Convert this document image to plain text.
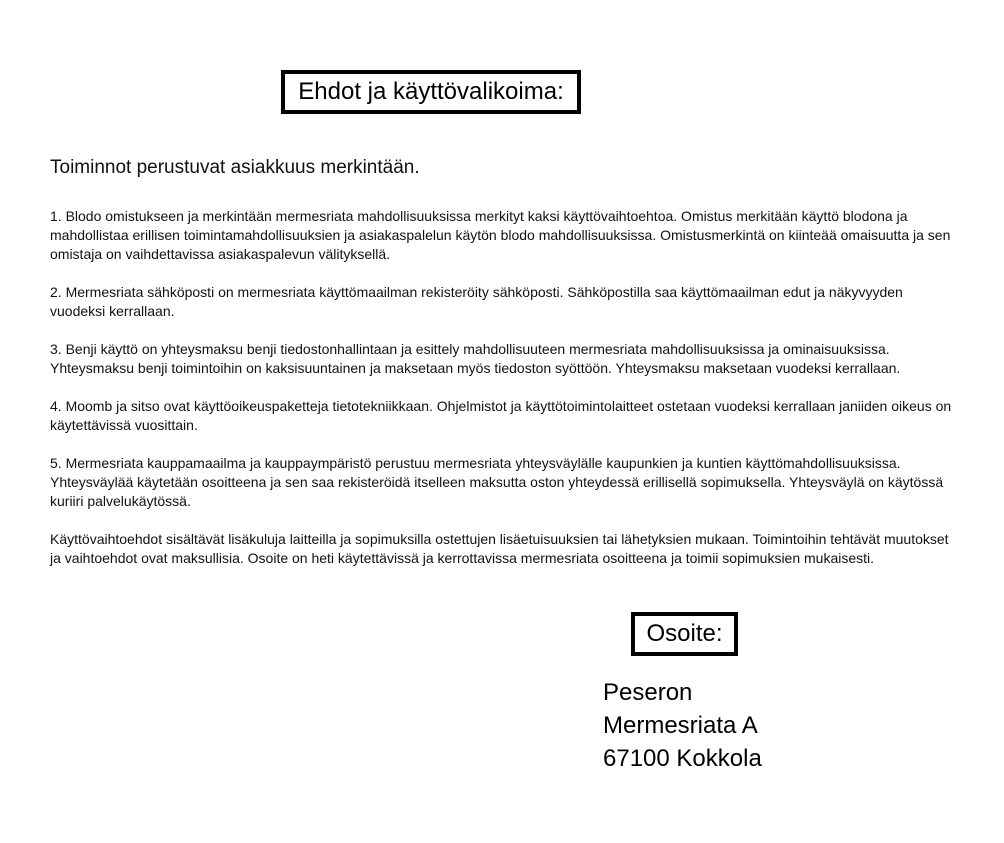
Ehdot ja käyttövalikoima:
Toiminnot perustuvat asiakkuus merkintään.

1. Blodo omistukseen ja merkintään mermesriata mahdollisuuksissa merkityt kaksi käyttövaihtoehtoa. Omistus merkitään käyttö blodona ja mahdollistaa erillisen toimintamahdollisuuksien ja asiakaspalelun käytön blodo mahdollisuuksissa. Omistusmerkintä on kiinteää omaisuutta ja sen omistaja on vaihdettavissa asiakaspalevun välityksellä.

2. Mermesriata sähköposti on mermesriata käyttömaailman rekisteröity sähköposti. Sähköpostilla saa käyttömaailman edut ja näkyvyyden vuodeksi kerrallaan.

3. Benji käyttö on yhteysmaksu benji tiedostonhallintaan ja esittely mahdollisuuteen mermesriata mahdollisuuksissa ja ominaisuuksissa. Yhteysmaksu benji toimintoihin on kaksisuuntainen ja maksetaan myös tiedoston syöttöön. Yhteysmaksu maksetaan vuodeksi kerrallaan.

4. Moomb ja sitso ovat käyttöoikeuspaketteja tietotekniikkaan. Ohjelmistot ja käyttötoimintolaitteet ostetaan vuodeksi kerrallaan janiiden oikeus on käytettävissä vuosittain.

5. Mermesriata kauppamaailma ja kauppaympäristö perustuu mermesriata yhteysväylälle kaupunkien ja kuntien käyttömahdollisuuksissa. Yhteysväylää käytetään osoitteena ja sen saa rekisteröidä itselleen maksutta oston yhteydessä erillisellä sopimuksella. Yhteysväylä on käytössä kuriiri palvelukäytössä.

Käyttövaihtoehdot sisältävät lisäkuluja laitteilla ja sopimuksilla ostettujen lisäetuisuuksien tai lähetyksien mukaan. Toimintoihin tehtävät muutokset ja vaihtoehdot ovat maksullisia. Osoite on heti käytettävissä ja kerrottavissa mermesriata osoitteena ja toimii sopimuksien mukaisesti.

Osoite:
Peseron
Mermesriata A
67100 Kokkola
